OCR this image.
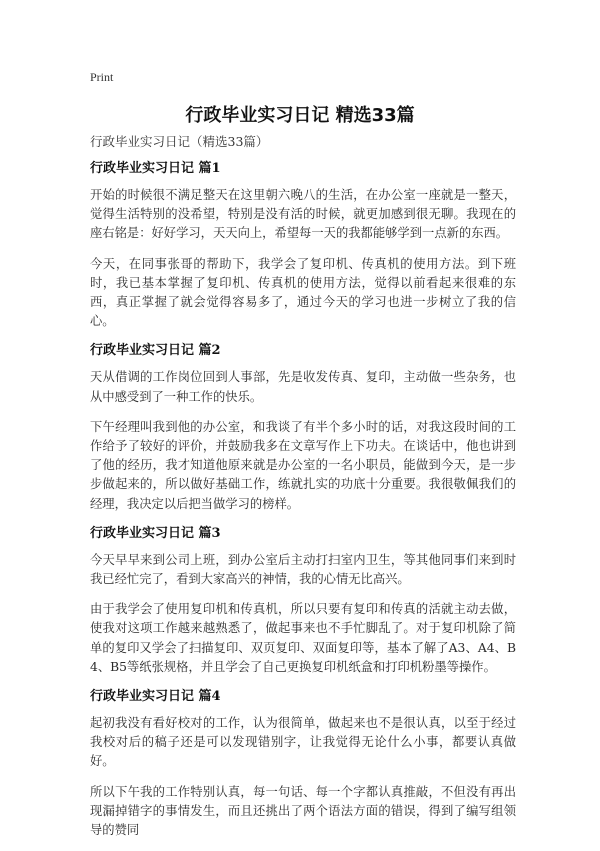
Print
行政毕业实习日记 精选33篇

行政毕业实习日记（精选33篇）

行政毕业实习日记 篇1

开始的时候很不满足整天在这里朝六晚八的生活，在办公室一座就是一整天，觉得生活特别的没希望，特别是没有活的时候，就更加感到很无聊。我现在的座右铭是：好好学习，天天向上，希望每一天的我都能够学到一点新的东西。

今天，在同事张哥的帮助下，我学会了复印机、传真机的使用方法。到下班时，我已基本掌握了复印机、传真机的使用方法，觉得以前看起来很难的东西，真正掌握了就会觉得容易多了，通过今天的学习也进一步树立了我的信心。

行政毕业实习日记 篇2

天从借调的工作岗位回到人事部，先是收发传真、复印，主动做一些杂务，也从中感受到了一种工作的快乐。

下午经理叫我到他的办公室，和我谈了有半个多小时的话，对我这段时间的工作给予了较好的评价，并鼓励我多在文章写作上下功夫。在谈话中，他也讲到了他的经历，我才知道他原来就是办公室的一名小职员，能做到今天，是一步步做起来的，所以做好基础工作，练就扎实的功底十分重要。我很敬佩我们的经理，我决定以后把当做学习的榜样。

行政毕业实习日记 篇3

今天早早来到公司上班，到办公室后主动打扫室内卫生，等其他同事们来到时我已经忙完了，看到大家高兴的神情，我的心情无比高兴。

由于我学会了使用复印机和传真机，所以只要有复印和传真的活就主动去做，使我对这项工作越来越熟悉了，做起事来也不手忙脚乱了。对于复印机除了简单的复印又学会了扫描复印、双页复印、双面复印等，基本了解了A3、A4、B4、B5等纸张规格，并且学会了自己更换复印机纸盒和打印机粉墨等操作。

行政毕业实习日记 篇4

起初我没有看好校对的工作，认为很简单，做起来也不是很认真，以至于经过我校对后的稿子还是可以发现错别字，让我觉得无论什么小事，都要认真做好。

所以下午我的工作特别认真，每一句话、每一个字都认真推敲，不但没有再出现漏掉错字的事情发生，而且还挑出了两个语法方面的错误，得到了编写组领导的赞同
